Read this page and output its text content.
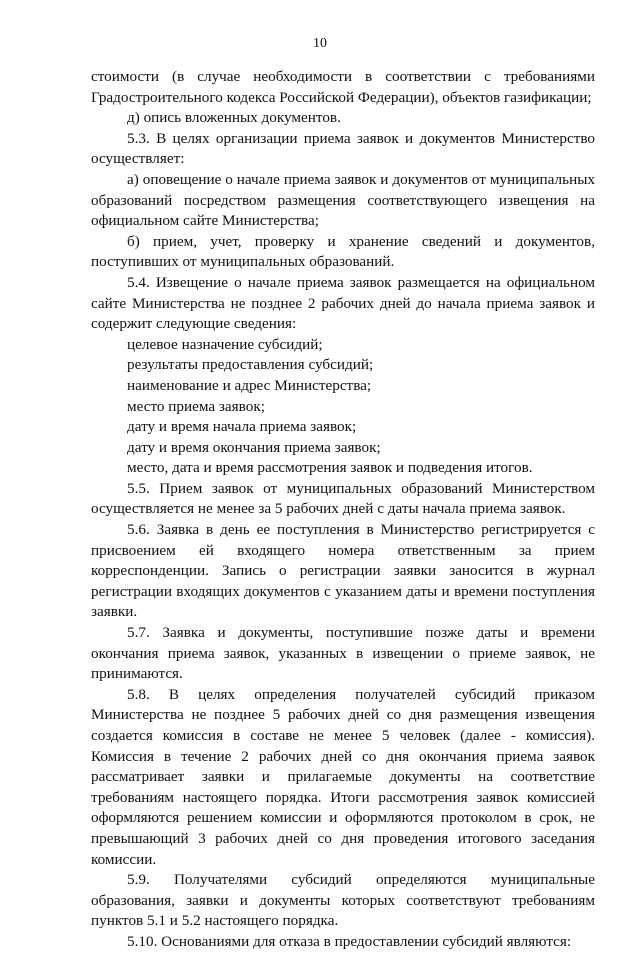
10

стоимости (в случае необходимости в соответствии с требованиями Градостроительного кодекса Российской Федерации), объектов газификации;

д) опись вложенных документов.

5.3. В целях организации приема заявок и документов Министерство осуществляет:

а) оповещение о начале приема заявок и документов от муниципальных образований посредством размещения соответствующего извещения на официальном сайте Министерства;

б) прием, учет, проверку и хранение сведений и документов, поступивших от муниципальных образований.

5.4. Извещение о начале приема заявок размещается на официальном сайте Министерства не позднее 2 рабочих дней до начала приема заявок и содержит следующие сведения:

целевое назначение субсидий;

результаты предоставления субсидий;

наименование и адрес Министерства;

место приема заявок;

дату и время начала приема заявок;

дату и время окончания приема заявок;

место, дата и время рассмотрения заявок и подведения итогов.

5.5. Прием заявок от муниципальных образований Министерством осуществляется не менее за 5 рабочих дней с даты начала приема заявок.

5.6. Заявка в день ее поступления в Министерство регистрируется с присвоением ей входящего номера ответственным за прием корреспонденции. Запись о регистрации заявки заносится в журнал регистрации входящих документов с указанием даты и времени поступления заявки.

5.7. Заявка и документы, поступившие позже даты и времени окончания приема заявок, указанных в извещении о приеме заявок, не принимаются.

5.8. В целях определения получателей субсидий приказом Министерства не позднее 5 рабочих дней со дня размещения извещения создается комиссия в составе не менее 5 человек (далее - комиссия). Комиссия в течение 2 рабочих дней со дня окончания приема заявок рассматривает заявки и прилагаемые документы на соответствие требованиям настоящего порядка. Итоги рассмотрения заявок комиссией оформляются решением комиссии и оформляются протоколом в срок, не превышающий 3 рабочих дней со дня проведения итогового заседания комиссии.

5.9. Получателями субсидий определяются муниципальные образования, заявки и документы которых соответствуют требованиям пунктов 5.1 и 5.2 настоящего порядка.

5.10. Основаниями для отказа в предоставлении субсидий являются:
